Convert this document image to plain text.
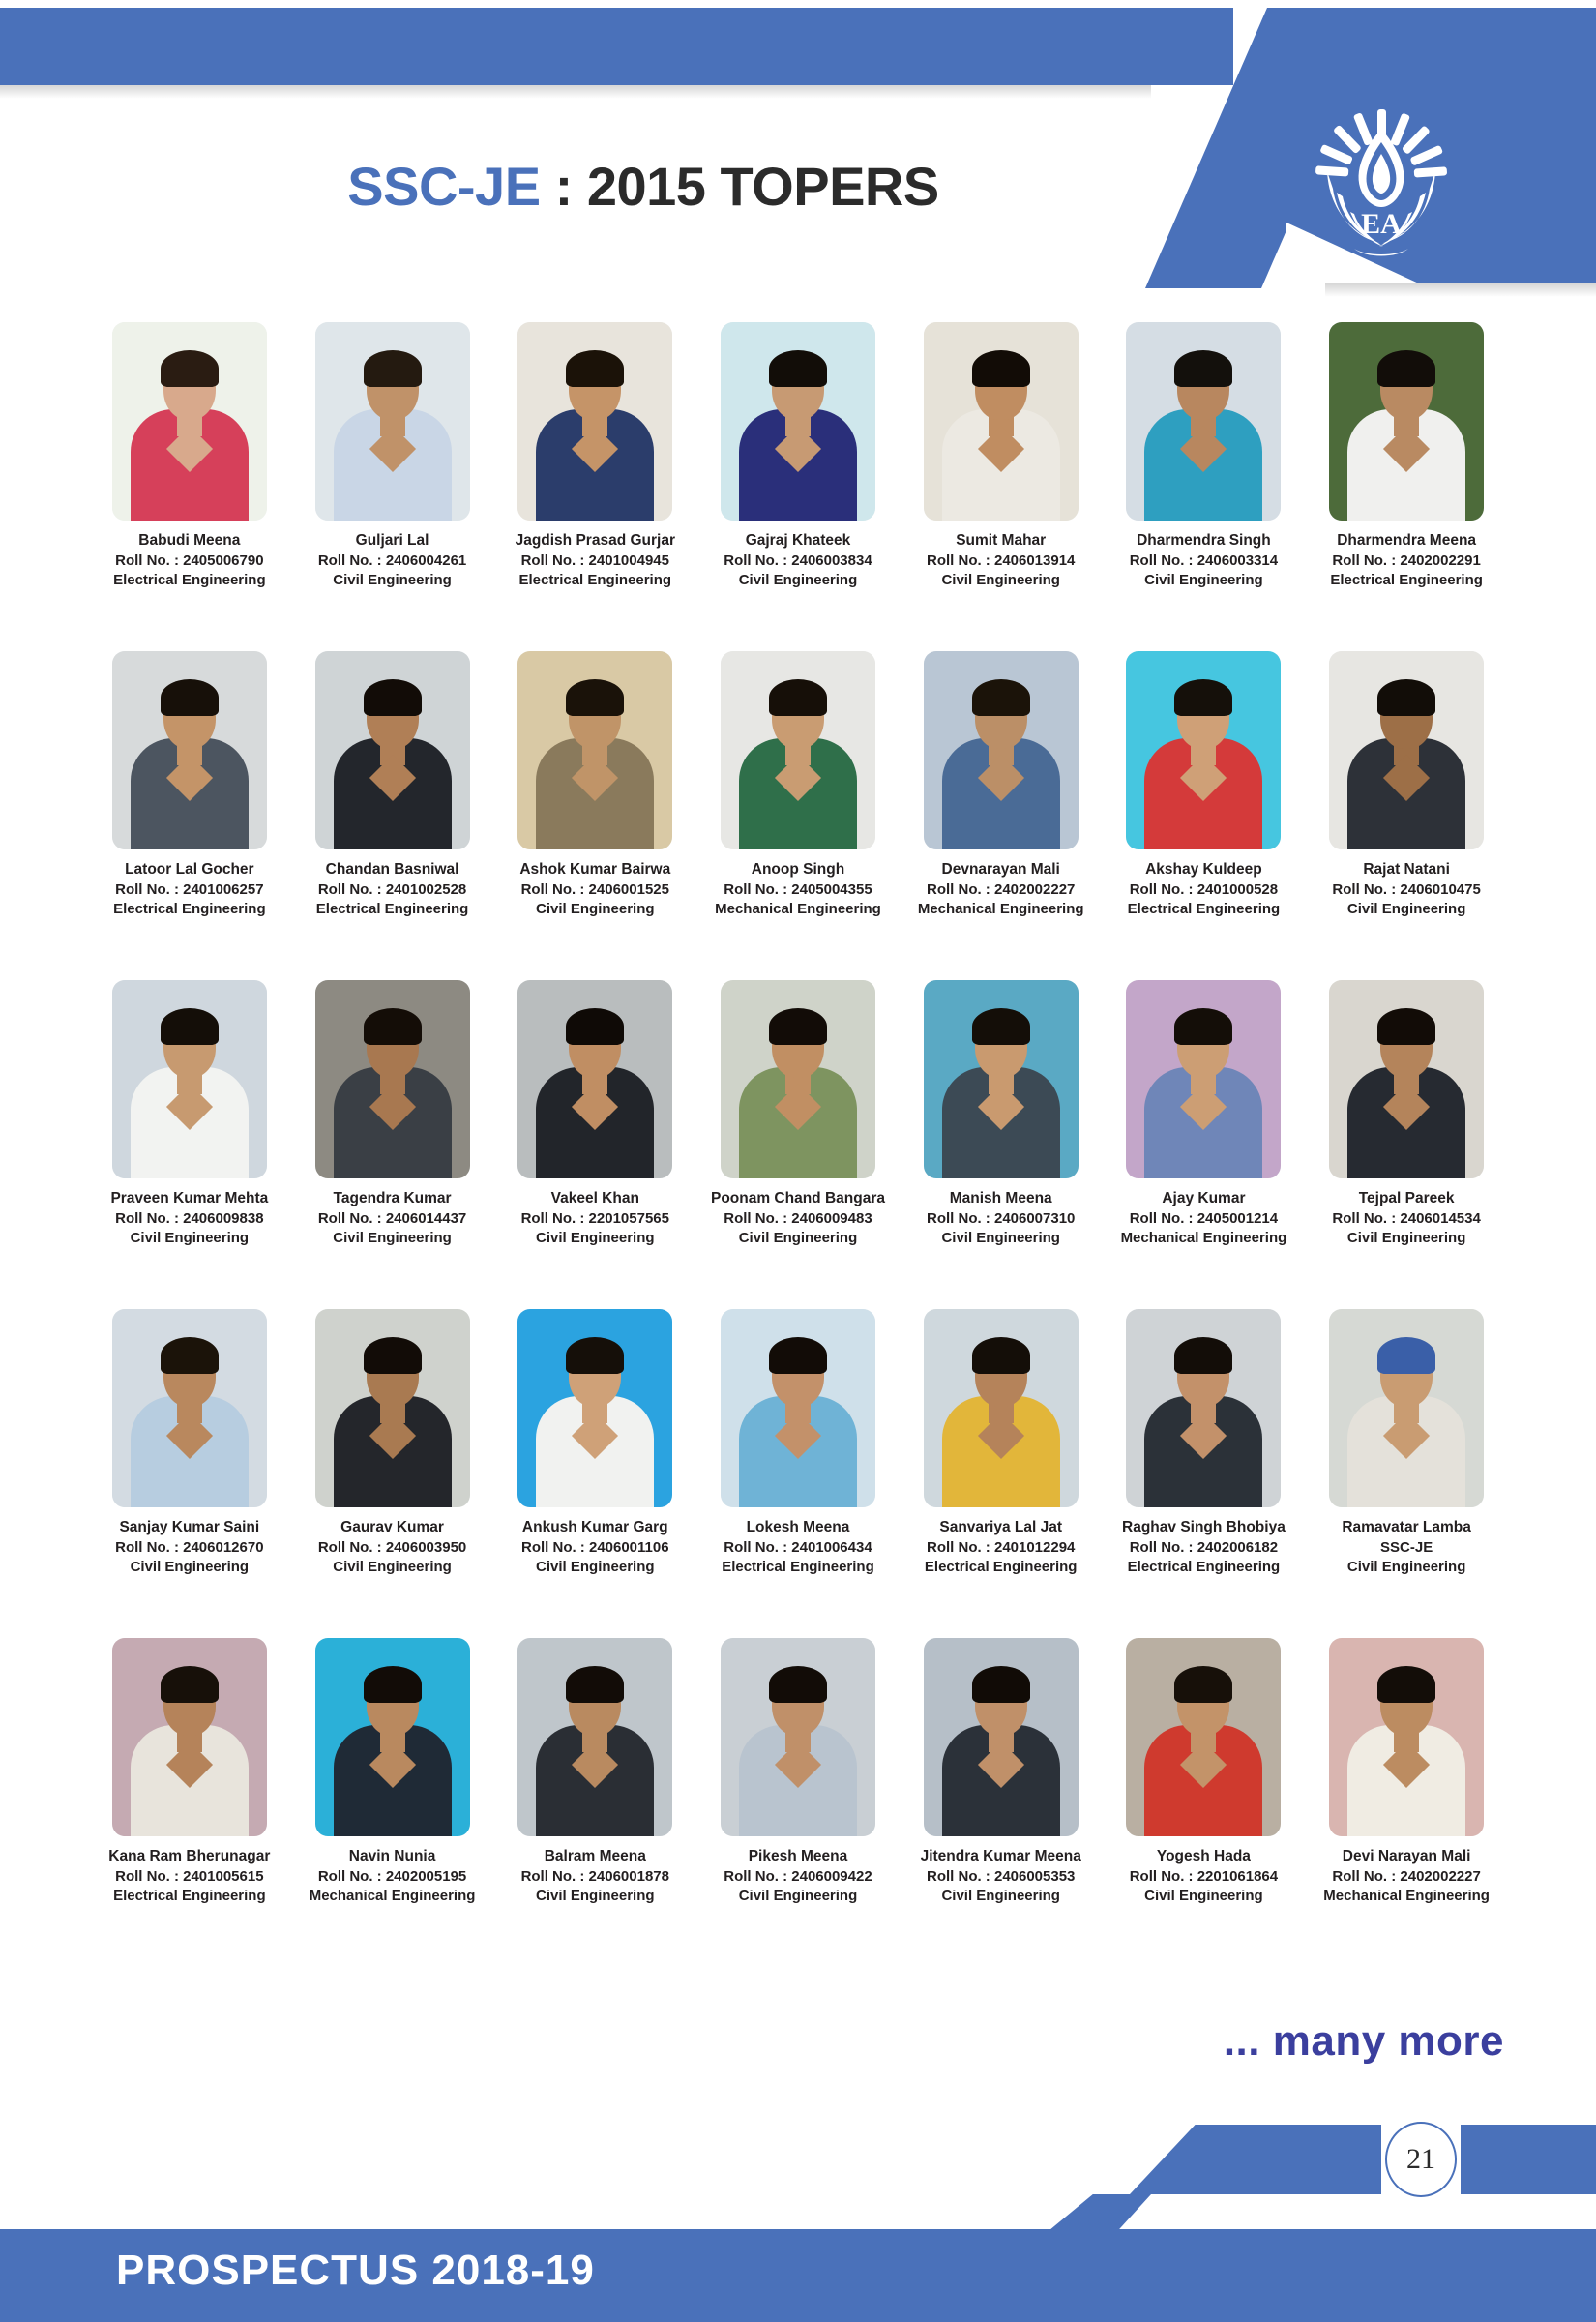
SSC-JE : 2015 TOPERS
EA
Babudi Meena
Roll No. : 2405006790
Electrical Engineering
Guljari Lal
Roll No. : 2406004261
Civil Engineering
Jagdish Prasad Gurjar
Roll No. : 2401004945
Electrical Engineering
Gajraj Khateek
Roll No. : 2406003834
Civil Engineering
Sumit Mahar
Roll No. : 2406013914
Civil Engineering
Dharmendra Singh
Roll No. : 2406003314
Civil Engineering
Dharmendra Meena
Roll No. : 2402002291
Electrical Engineering
Latoor Lal Gocher
Roll No. : 2401006257
Electrical Engineering
Chandan Basniwal
Roll No. : 2401002528
Electrical Engineering
Ashok Kumar Bairwa
Roll No. : 2406001525
Civil Engineering
Anoop Singh
Roll No. : 2405004355
Mechanical Engineering
Devnarayan Mali
Roll No. : 2402002227
Mechanical Engineering
Akshay Kuldeep
Roll No. : 2401000528
Electrical Engineering
Rajat Natani
Roll No. : 2406010475
Civil Engineering
Praveen Kumar Mehta
Roll No. : 2406009838
Civil Engineering
Tagendra Kumar
Roll No. : 2406014437
Civil Engineering
Vakeel Khan
Roll No. : 2201057565
Civil Engineering
Poonam Chand Bangara
Roll No. : 2406009483
Civil Engineering
Manish Meena
Roll No. : 2406007310
Civil Engineering
Ajay Kumar
Roll No. : 2405001214
Mechanical Engineering
Tejpal Pareek
Roll No. : 2406014534
Civil Engineering
Sanjay Kumar Saini
Roll No. : 2406012670
Civil Engineering
Gaurav Kumar
Roll No. : 2406003950
Civil Engineering
Ankush Kumar Garg
Roll No. : 2406001106
Civil Engineering
Lokesh Meena
Roll No. : 2401006434
Electrical Engineering
Sanvariya Lal Jat
Roll No. : 2401012294
Electrical Engineering
Raghav Singh Bhobiya
Roll No. : 2402006182
Electrical Engineering
Ramavatar Lamba
SSC-JE
Civil Engineering
Kana Ram Bherunagar
Roll No. : 2401005615
Electrical Engineering
Navin Nunia
Roll No. : 2402005195
Mechanical Engineering
Balram Meena
Roll No. : 2406001878
Civil Engineering
Pikesh Meena
Roll No. : 2406009422
Civil Engineering
Jitendra Kumar Meena
Roll No. : 2406005353
Civil Engineering
Yogesh Hada
Roll No. : 2201061864
Civil Engineering
Devi Narayan Mali
Roll No. : 2402002227
Mechanical Engineering
... many more
21
PROSPECTUS 2018-19
